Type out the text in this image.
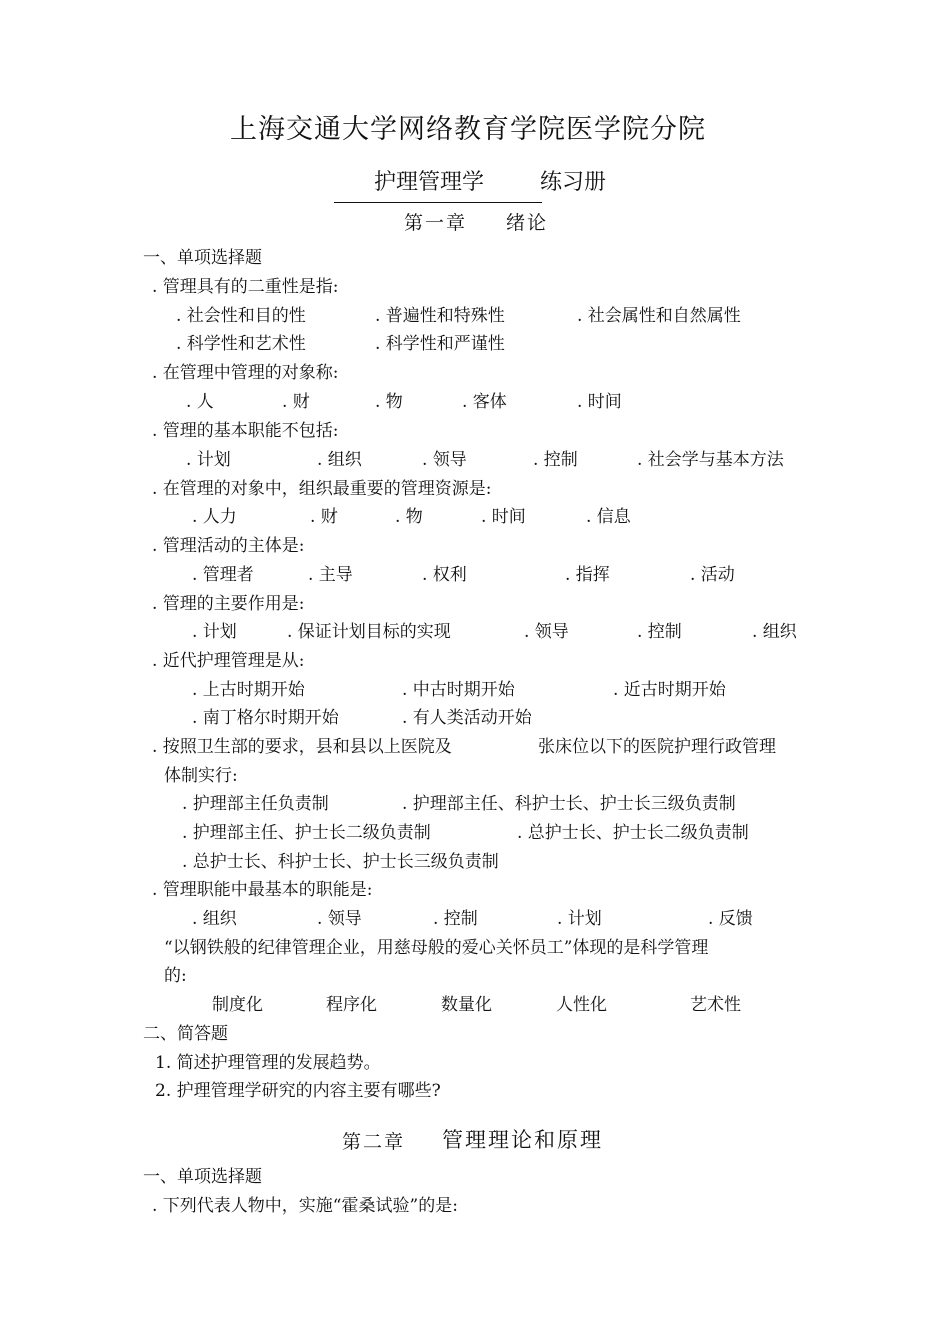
上海交通大学网络教育学院医学院分院
护理管理学	练习册
第一章 绪论
一、单项选择题
. 管理具有的二重性是指:
. 社会性和目的性	. 普遍性和特殊性	. 社会属性和自然属性
. 科学性和艺术性	. 科学性和严谨性
. 在管理中管理的对象称:
. 人	. 财	. 物	. 客体	. 时间
. 管理的基本职能不包括:
. 计划	. 组织	. 领导	. 控制	. 社会学与基本方法
. 在管理的对象中，组织最重要的管理资源是:
. 人力	. 财	. 物	. 时间	. 信息
. 管理活动的主体是:
. 管理者	. 主导	. 权利	. 指挥	. 活动
. 管理的主要作用是:
. 计划	. 保证计划目标的实现	. 领导	. 控制	. 组织
. 近代护理管理是从:
. 上古时期开始	. 中古时期开始	. 近古时期开始
. 南丁格尔时期开始	. 有人类活动开始
. 按照卫生部的要求，县和县以上医院及	张床位以下的医院护理行政管理
体制实行:
. 护理部主任负责制	. 护理部主任、科护士长、护士长三级负责制
. 护理部主任、护士长二级负责制	. 总护士长、护士长二级负责制
. 总护士长、科护士长、护士长三级负责制
. 管理职能中最基本的职能是:
. 组织	. 领导	. 控制	. 计划	. 反馈
“以钢铁般的纪律管理企业，用慈母般的爱心关怀员工”体现的是科学管理
的:
制度化	程序化	数量化	人性化	艺术性
二、简答题
1. 简述护理管理的发展趋势。
2. 护理管理学研究的内容主要有哪些?
第二章 管理理论和原理
一、单项选择题
. 下列代表人物中，实施“霍桑试验”的是:
